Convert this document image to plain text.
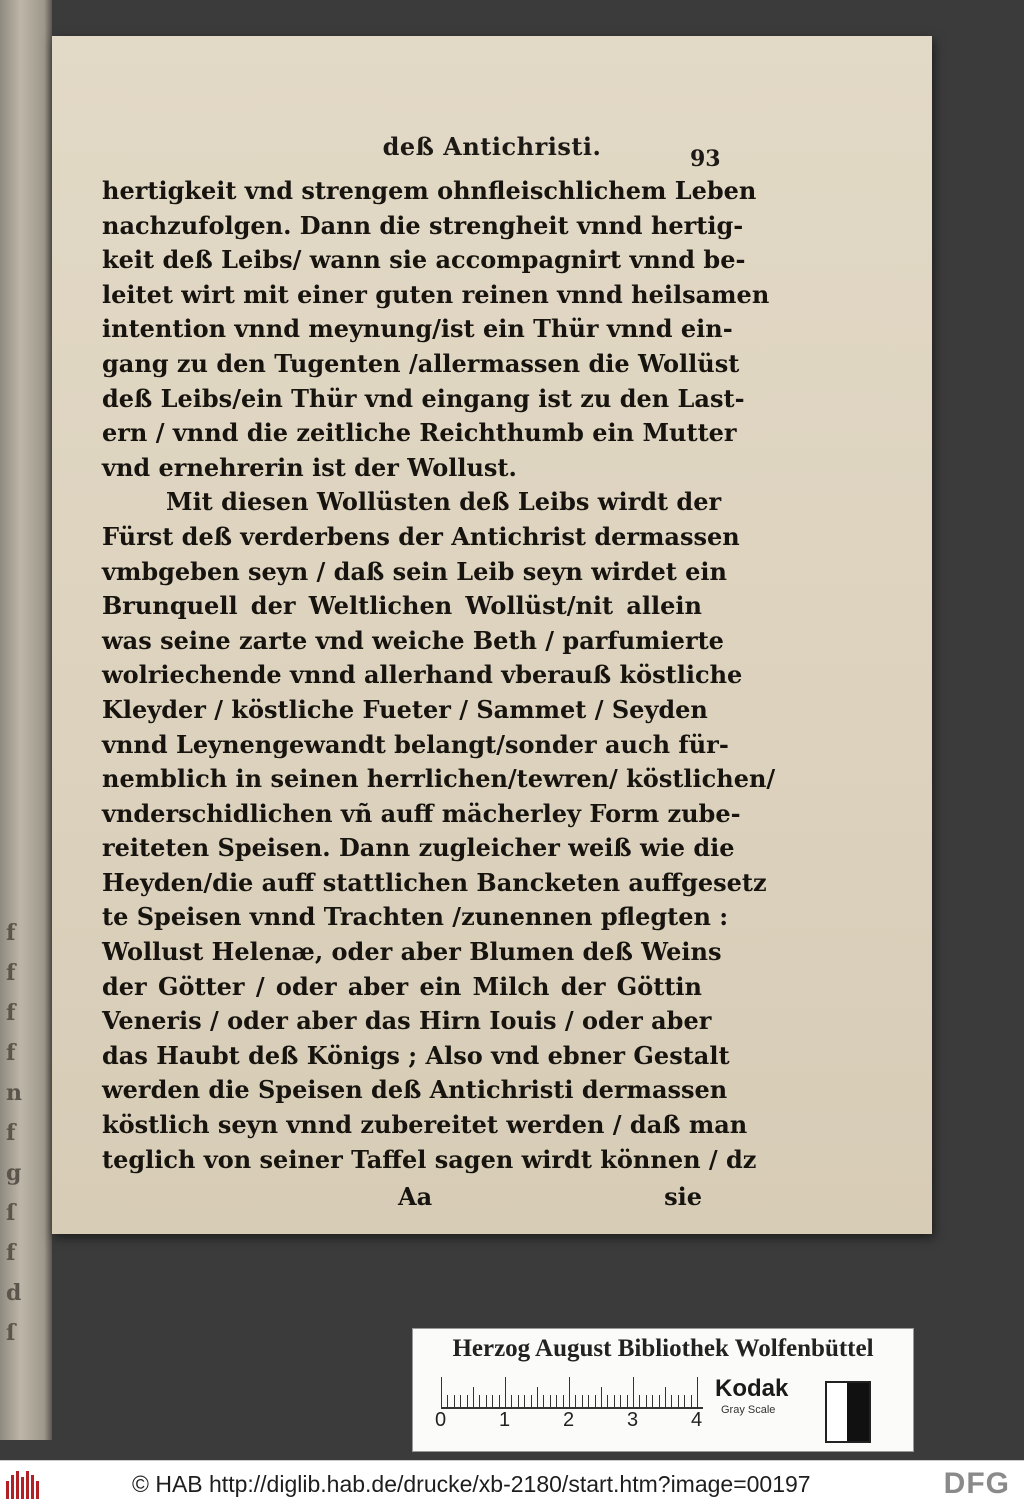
f
f
f
f
n
f
g
ſ
f
d
ſ
deß Antichristi.	93
hertigkeit vnd strengem ohnfleischlichem Leben
nachzufolgen. Dann die strengheit vnnd hertig-
keit deß Leibs/ wann sie accompagnirt vnnd be-
leitet wirt mit einer guten reinen vnnd heilsamen
intention vnnd meynung/ist ein Thür vnnd ein-
gang zu den Tugenten /allermassen die Wollüst
deß Leibs/ein Thür vnd eingang ist zu den Last-
ern / vnnd die zeitliche Reichthumb ein Mutter
vnd ernehrerin ist der Wollust.
Mit diesen Wollüsten deß Leibs wirdt der
Fürst deß verderbens der Antichrist dermassen
vmbgeben seyn / daß sein Leib seyn wirdet ein
Brunquell der Weltlichen Wollüst/nit allein
was seine zarte vnd weiche Beth / parfumierte
wolriechende vnnd allerhand vberauß köstliche
Kleyder / köstliche Fueter / Sammet / Seyden
vnnd Leynengewandt belangt/sonder auch für-
nemblich in seinen herrlichen/tewren/ köstlichen/
vnderschidlichen vñ auff mächerley Form zube-
reiteten Speisen. Dann zugleicher weiß wie die
Heyden/die auff stattlichen Bancketen auffgesetz
te Speisen vnnd Trachten /zunennen pflegten :
Wollust Helenæ, oder aber Blumen deß Weins
der Götter / oder aber ein Milch der Göttin
Veneris / oder aber das Hirn Iouis / oder aber
das Haubt deß Königs ; Also vnd ebner Gestalt
werden die Speisen deß Antichristi dermassen
köstlich seyn vnnd zubereitet werden / daß man
teglich von seiner Taffel sagen wirdt können / dz
Aa	sie
Herzog August Bibliothek Wolfenbüttel
0	1	2	3	4
Kodak
Gray Scale
© HAB http://diglib.hab.de/drucke/xb-2180/start.htm?image=00197	DFG
